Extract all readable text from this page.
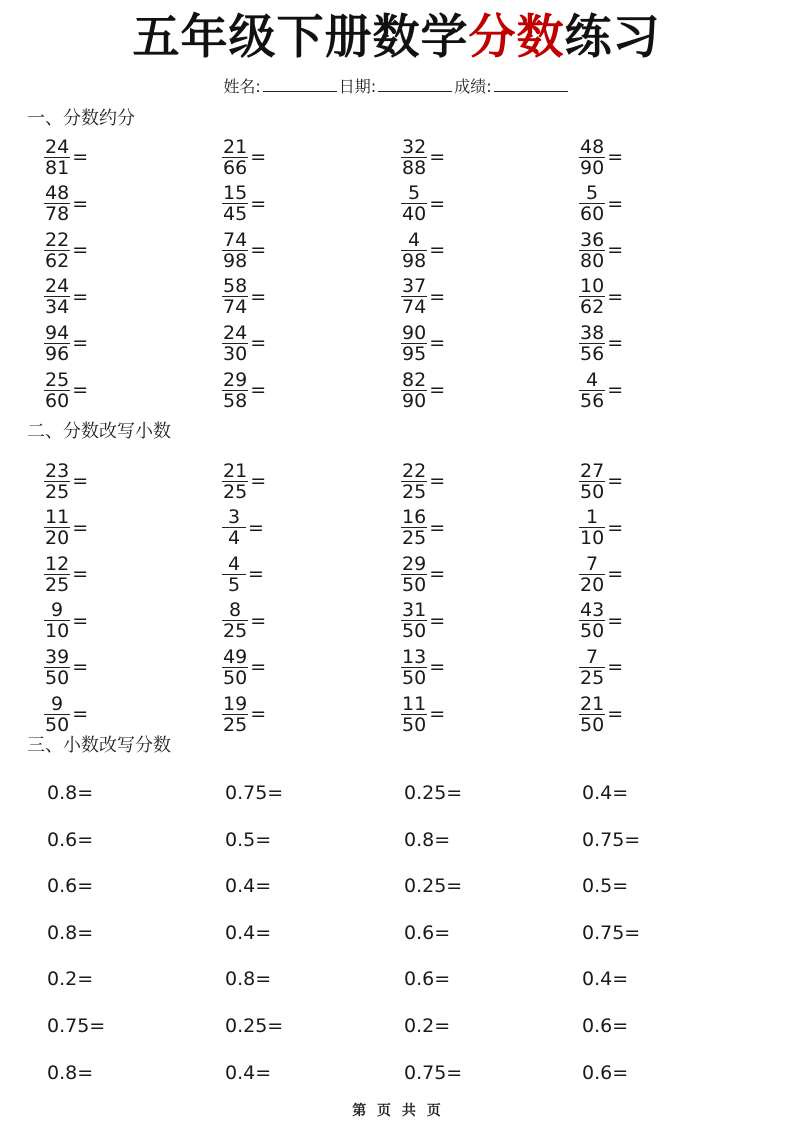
五年级下册数学分数练习
姓名:	日期:	成绩:
一、分数约分
$\frac{24}{81}$ =	$\frac{21}{66}$ =	$\frac{32}{88}$ =	$\frac{48}{90}$ =
$\frac{48}{78}$ =	$\frac{15}{45}$ =	$\frac{5}{40}$ =	$\frac{5}{60}$ =
$\frac{22}{62}$ =	$\frac{74}{98}$ =	$\frac{4}{98}$ =	$\frac{36}{80}$ =
$\frac{24}{34}$ =	$\frac{58}{74}$ =	$\frac{37}{74}$ =	$\frac{10}{62}$ =
$\frac{94}{96}$ =	$\frac{24}{30}$ =	$\frac{90}{95}$ =	$\frac{38}{56}$ =
$\frac{25}{60}$ =	$\frac{29}{58}$ =	$\frac{82}{90}$ =	$\frac{4}{56}$ =
二、分数改写小数
$\frac{23}{25}$ =	$\frac{21}{25}$ =	$\frac{22}{25}$ =	$\frac{27}{50}$ =
$\frac{11}{20}$ =	$\frac{3}{4}$ =	$\frac{16}{25}$ =	$\frac{1}{10}$ =
$\frac{12}{25}$ =	$\frac{4}{5}$ =	$\frac{29}{50}$ =	$\frac{7}{20}$ =
$\frac{9}{10}$ =	$\frac{8}{25}$ =	$\frac{31}{50}$ =	$\frac{43}{50}$ =
$\frac{39}{50}$ =	$\frac{49}{50}$ =	$\frac{13}{50}$ =	$\frac{7}{25}$ =
$\frac{9}{50}$ =	$\frac{19}{25}$ =	$\frac{11}{50}$ =	$\frac{21}{50}$ =
三、小数改写分数
0.8=	0.75=	0.25=	0.4=
0.6=	0.5=	0.8=	0.75=
0.6=	0.4=	0.25=	0.5=
0.8=	0.4=	0.6=	0.75=
0.2=	0.8=	0.6=	0.4=
0.75=	0.25=	0.2=	0.6=
0.8=	0.4=	0.75=	0.6=
第 页 共 页
